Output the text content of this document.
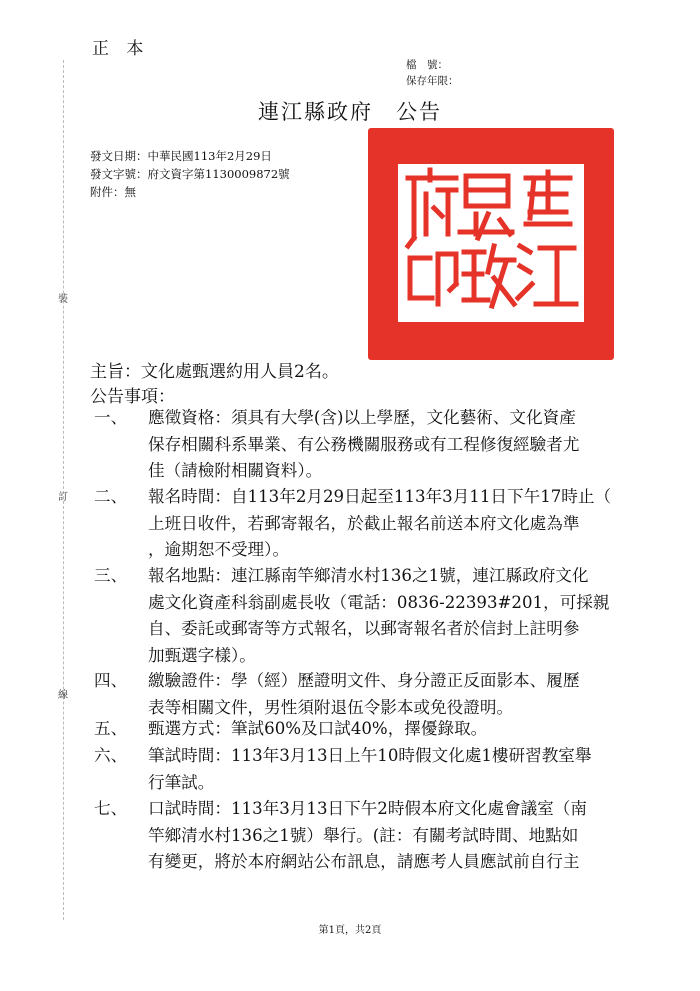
正 本
檔　號：
保存年限：
連江縣政府　公告
發文日期：中華民國113年2月29日
發文字號：府文資字第1130009872號
附件：無
裝
訂
線
主旨：文化處甄選約用人員2名。
公告事項：
一、	應徵資格：須具有大學(含)以上學歷，文化藝術、文化資產
保存相關科系畢業、有公務機關服務或有工程修復經驗者尤
佳（請檢附相關資料）。
二、	報名時間：自113年2月29日起至113年3月11日下午17時止（
上班日收件，若郵寄報名，於截止報名前送本府文化處為準
，逾期恕不受理）。
三、	報名地點：連江縣南竿鄉清水村136之1號，連江縣政府文化
處文化資產科翁副處長收（電話：0836-22393#201，可採親
自、委託或郵寄等方式報名，以郵寄報名者於信封上註明參
加甄選字樣）。
四、	繳驗證件：學（經）歷證明文件、身分證正反面影本、履歷
表等相關文件，男性須附退伍令影本或免役證明。
五、	甄選方式：筆試60%及口試40%，擇優錄取。
六、	筆試時間：113年3月13日上午10時假文化處1樓研習教室舉
行筆試。
七、	口試時間：113年3月13日下午2時假本府文化處會議室（南
竿鄉清水村136之1號）舉行。(註：有關考試時間、地點如
有變更，將於本府網站公布訊息，請應考人員應試前自行主
第1頁，共2頁
